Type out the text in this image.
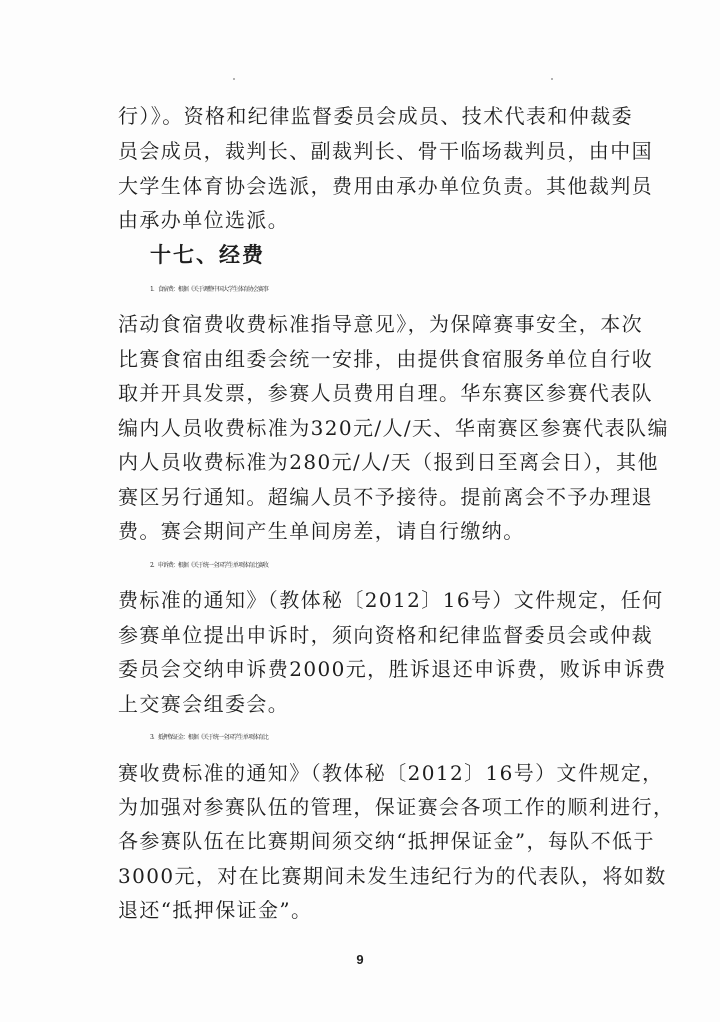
行）》。资格和纪律监督委员会成员、技术代表和仲裁委
员会成员，裁判长、副裁判长、骨干临场裁判员，由中国
大学生体育协会选派，费用由承办单位负责。其他裁判员
由承办单位选派。
十七、经费
1．食宿费：根据《关于调整中国大学生体育协会赛事
活动食宿费收费标准指导意见》，为保障赛事安全，本次
比赛食宿由组委会统一安排，由提供食宿服务单位自行收
取并开具发票，参赛人员费用自理。华东赛区参赛代表队
编内人员收费标准为320元/人/天、华南赛区参赛代表队编
内人员收费标准为280元/人/天（报到日至离会日），其他
赛区另行通知。超编人员不予接待。提前离会不予办理退
费。赛会期间产生单间房差，请自行缴纳。
2．申诉费：根据《关于统一全国学生单项体育比赛收
费标准的通知》（教体秘〔2012〕16号）文件规定，任何
参赛单位提出申诉时，须向资格和纪律监督委员会或仲裁
委员会交纳申诉费2000元，胜诉退还申诉费，败诉申诉费
上交赛会组委会。
3．抵押保证金：根据《关于统一全国学生单项体育比
赛收费标准的通知》（教体秘〔2012〕16号）文件规定，
为加强对参赛队伍的管理，保证赛会各项工作的顺利进行，
各参赛队伍在比赛期间须交纳“抵押保证金”，每队不低于
3000元，对在比赛期间未发生违纪行为的代表队，将如数
退还“抵押保证金”。
9
